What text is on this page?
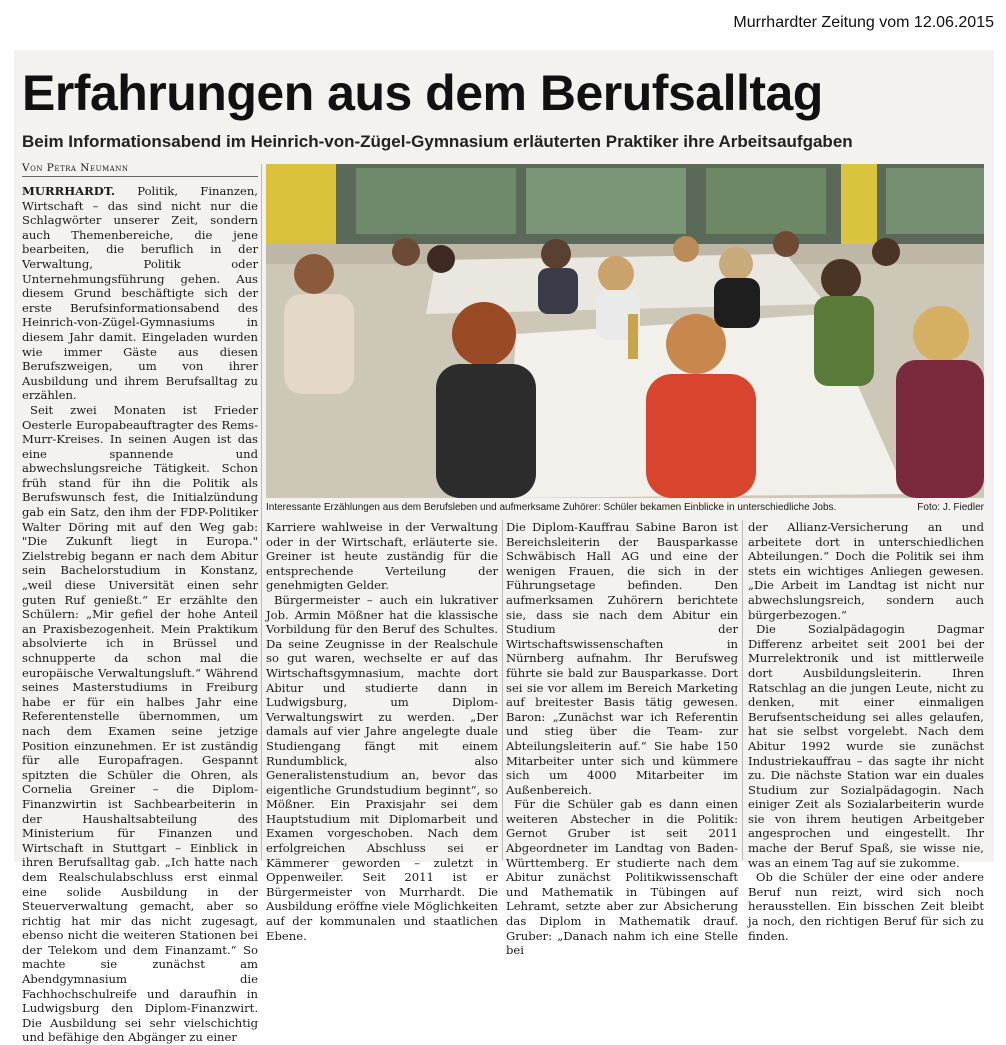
Murrhardter Zeitung vom 12.06.2015
Erfahrungen aus dem Berufsalltag
Beim Informationsabend im Heinrich-von-Zügel-Gymnasium erläuterten Praktiker ihre Arbeitsaufgaben
Von Petra Neumann

MURRHARDT. Politik, Finanzen, Wirtschaft – das sind nicht nur die Schlagwörter unserer Zeit, sondern auch Themenbereiche, die jene bearbeiten, die beruflich in der Verwaltung, Politik oder Unternehmungsführung gehen. Aus diesem Grund beschäftigte sich der erste Berufsinformationsabend des Heinrich-von-Zügel-Gymnasiums in diesem Jahr damit. Eingeladen wurden wie immer Gäste aus diesen Berufszweigen, um von ihrer Ausbildung und ihrem Berufsalltag zu erzählen.

Seit zwei Monaten ist Frieder Oesterle Europabeauftragter des Rems-Murr-Kreises. In seinen Augen ist das eine spannende und abwechslungsreiche Tätigkeit. Schon früh stand für ihn die Politik als Berufswunsch fest, die Initialzündung gab ein Satz, den ihm der FDP-Politiker Walter Döring mit auf den Weg gab: "Die Zukunft liegt in Europa." Zielstrebig begann er nach dem Abitur sein Bachelorstudium in Konstanz, „weil diese Universität einen sehr guten Ruf genießt.“ Er erzählte den Schülern: „Mir gefiel der hohe Anteil an Praxisbezogenheit. Mein Praktikum absolvierte ich in Brüssel und schnupperte da schon mal die europäische Verwaltungsluft.“ Während seines Masterstudiums in Freiburg habe er für ein halbes Jahr eine Referentenstelle übernommen, um nach dem Examen seine jetzige Position einzunehmen. Er ist zuständig für alle Europafragen. Gespannt spitzten die Schüler die Ohren, als Cornelia Greiner – die Diplom-Finanzwirtin ist Sachbearbeiterin in der Haushaltsabteilung des Ministerium für Finanzen und Wirtschaft in Stuttgart – Einblick in ihren Berufsalltag gab. „Ich hatte nach dem Realschulabschluss erst einmal eine solide Ausbildung in der Steuerverwaltung gemacht, aber so richtig hat mir das nicht zugesagt, ebenso nicht die weiteren Stationen bei der Telekom und dem Finanzamt.“ So machte sie zunächst am Abendgymnasium die Fachhochschulreife und daraufhin in Ludwigsburg den Diplom-Finanzwirt. Die Ausbildung sei sehr vielschichtig und befähige den Abgänger zu einer

Interessante Erzählungen aus dem Berufsleben und aufmerksame Zuhörer: Schüler bekamen Einblicke in unterschiedliche Jobs.	Foto: J. Fiedler

Karriere wahlweise in der Verwaltung oder in der Wirtschaft, erläuterte sie. Greiner ist heute zuständig für die entsprechende Verteilung der genehmigten Gelder.

Bürgermeister – auch ein lukrativer Job. Armin Mößner hat die klassische Vorbildung für den Beruf des Schultes. Da seine Zeugnisse in der Realschule so gut waren, wechselte er auf das Wirtschaftsgymnasium, machte dort Abitur und studierte dann in Ludwigsburg, um Diplom-Verwaltungswirt zu werden. „Der damals auf vier Jahre angelegte duale Studiengang fängt mit einem Rundumblick, also Generalistenstudium an, bevor das eigentliche Grundstudium beginnt“, so Mößner. Ein Praxisjahr sei dem Hauptstudium mit Diplomarbeit und Examen vorgeschoben. Nach dem erfolgreichen Abschluss sei er Kämmerer geworden – zuletzt in Oppenweiler. Seit 2011 ist er Bürgermeister von Murrhardt. Die Ausbildung eröffne viele Möglichkeiten auf der kommunalen und staatlichen Ebene.

Die Diplom-Kauffrau Sabine Baron ist Bereichsleiterin der Bausparkasse Schwäbisch Hall AG und eine der wenigen Frauen, die sich in der Führungsetage befinden. Den aufmerksamen Zuhörern berichtete sie, dass sie nach dem Abitur ein Studium der Wirtschaftswissenschaften in Nürnberg aufnahm. Ihr Berufsweg führte sie bald zur Bausparkasse. Dort sei sie vor allem im Bereich Marketing auf breitester Basis tätig gewesen. Baron: „Zunächst war ich Referentin und stieg über die Team- zur Abteilungsleiterin auf.“ Sie habe 150 Mitarbeiter unter sich und kümmere sich um 4000 Mitarbeiter im Außenbereich.

Für die Schüler gab es dann einen weiteren Abstecher in die Politik: Gernot Gruber ist seit 2011 Abgeordneter im Landtag von Baden-Württemberg. Er studierte nach dem Abitur zunächst Politikwissenschaft und Mathematik in Tübingen auf Lehramt, setzte aber zur Absicherung das Diplom in Mathematik drauf. Gruber: „Danach nahm ich eine Stelle bei

der Allianz-Versicherung an und arbeitete dort in unterschiedlichen Abteilungen.“ Doch die Politik sei ihm stets ein wichtiges Anliegen gewesen. „Die Arbeit im Landtag ist nicht nur abwechslungsreich, sondern auch bürgerbezogen.“

Die Sozialpädagogin Dagmar Differenz arbeitet seit 2001 bei der Murrelektronik und ist mittlerweile dort Ausbildungsleiterin. Ihren Ratschlag an die jungen Leute, nicht zu denken, mit einer einmaligen Berufsentscheidung sei alles gelaufen, hat sie selbst vorgelebt. Nach dem Abitur 1992 wurde sie zunächst Industriekauffrau – das sagte ihr nicht zu. Die nächste Station war ein duales Studium zur Sozialpädagogin. Nach einiger Zeit als Sozialarbeiterin wurde sie von ihrem heutigen Arbeitgeber angesprochen und eingestellt. Ihr mache der Beruf Spaß, sie wisse nie, was an einem Tag auf sie zukomme.

Ob die Schüler der eine oder andere Beruf nun reizt, wird sich noch herausstellen. Ein bisschen Zeit bleibt ja noch, den richtigen Beruf für sich zu finden.
